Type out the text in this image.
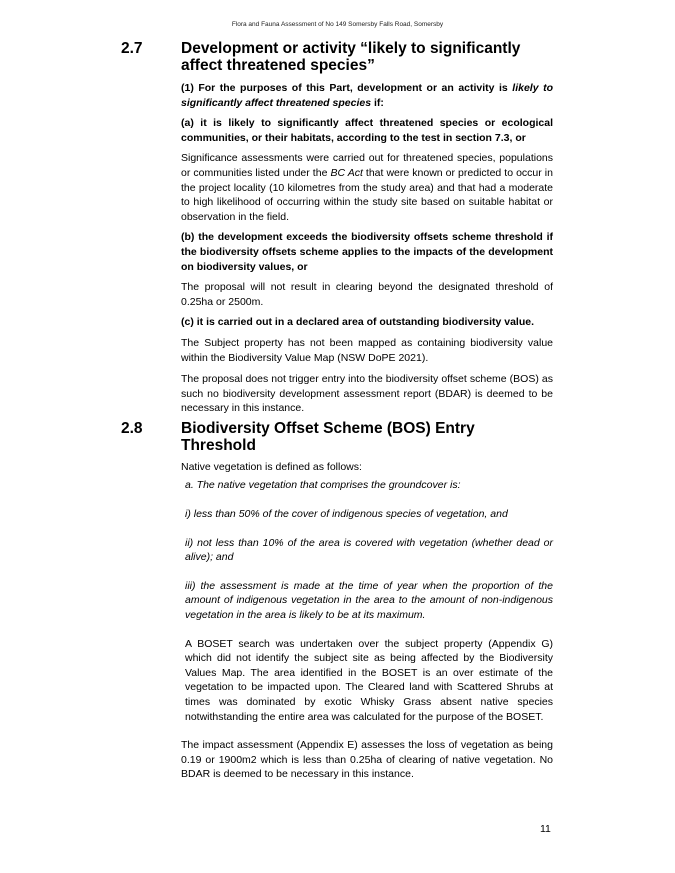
Flora and Fauna Assessment of No 149 Somersby Falls Road, Somersby
2.7	Development or activity “likely to significantly affect threatened species”

(1) For the purposes of this Part, development or an activity is likely to significantly affect threatened species if:

(a) it is likely to significantly affect threatened species or ecological communities, or their habitats, according to the test in section 7.3, or

Significance assessments were carried out for threatened species, populations or communities listed under the BC Act that were known or predicted to occur in the project locality (10 kilometres from the study area) and that had a moderate to high likelihood of occurring within the study site based on suitable habitat or observation in the field.

(b) the development exceeds the biodiversity offsets scheme threshold if the biodiversity offsets scheme applies to the impacts of the development on biodiversity values, or

The proposal will not result in clearing beyond the designated threshold of 0.25ha or 2500m.

(c) it is carried out in a declared area of outstanding biodiversity value.

The Subject property has not been mapped as containing biodiversity value within the Biodiversity Value Map (NSW DoPE 2021).

The proposal does not trigger entry into the biodiversity offset scheme (BOS) as such no biodiversity development assessment report (BDAR) is deemed to be necessary in this instance.

2.8	Biodiversity Offset Scheme (BOS) Entry Threshold

Native vegetation is defined as follows:

a. The native vegetation that comprises the groundcover is:

i) less than 50% of the cover of indigenous species of vegetation, and

ii) not less than 10% of the area is covered with vegetation (whether dead or alive); and

iii) the assessment is made at the time of year when the proportion of the amount of indigenous vegetation in the area to the amount of non-indigenous vegetation in the area is likely to be at its maximum.

A BOSET search was undertaken over the subject property (Appendix G) which did not identify the subject site as being affected by the Biodiversity Values Map. The area identified in the BOSET is an over estimate of the vegetation to be impacted upon. The Cleared land with Scattered Shrubs at times was dominated by exotic Whisky Grass absent native species notwithstanding the entire area was calculated for the purpose of the BOSET.

The impact assessment (Appendix E) assesses the loss of vegetation as being 0.19 or 1900m2 which is less than 0.25ha of clearing of native vegetation. No BDAR is deemed to be necessary in this instance.

11
